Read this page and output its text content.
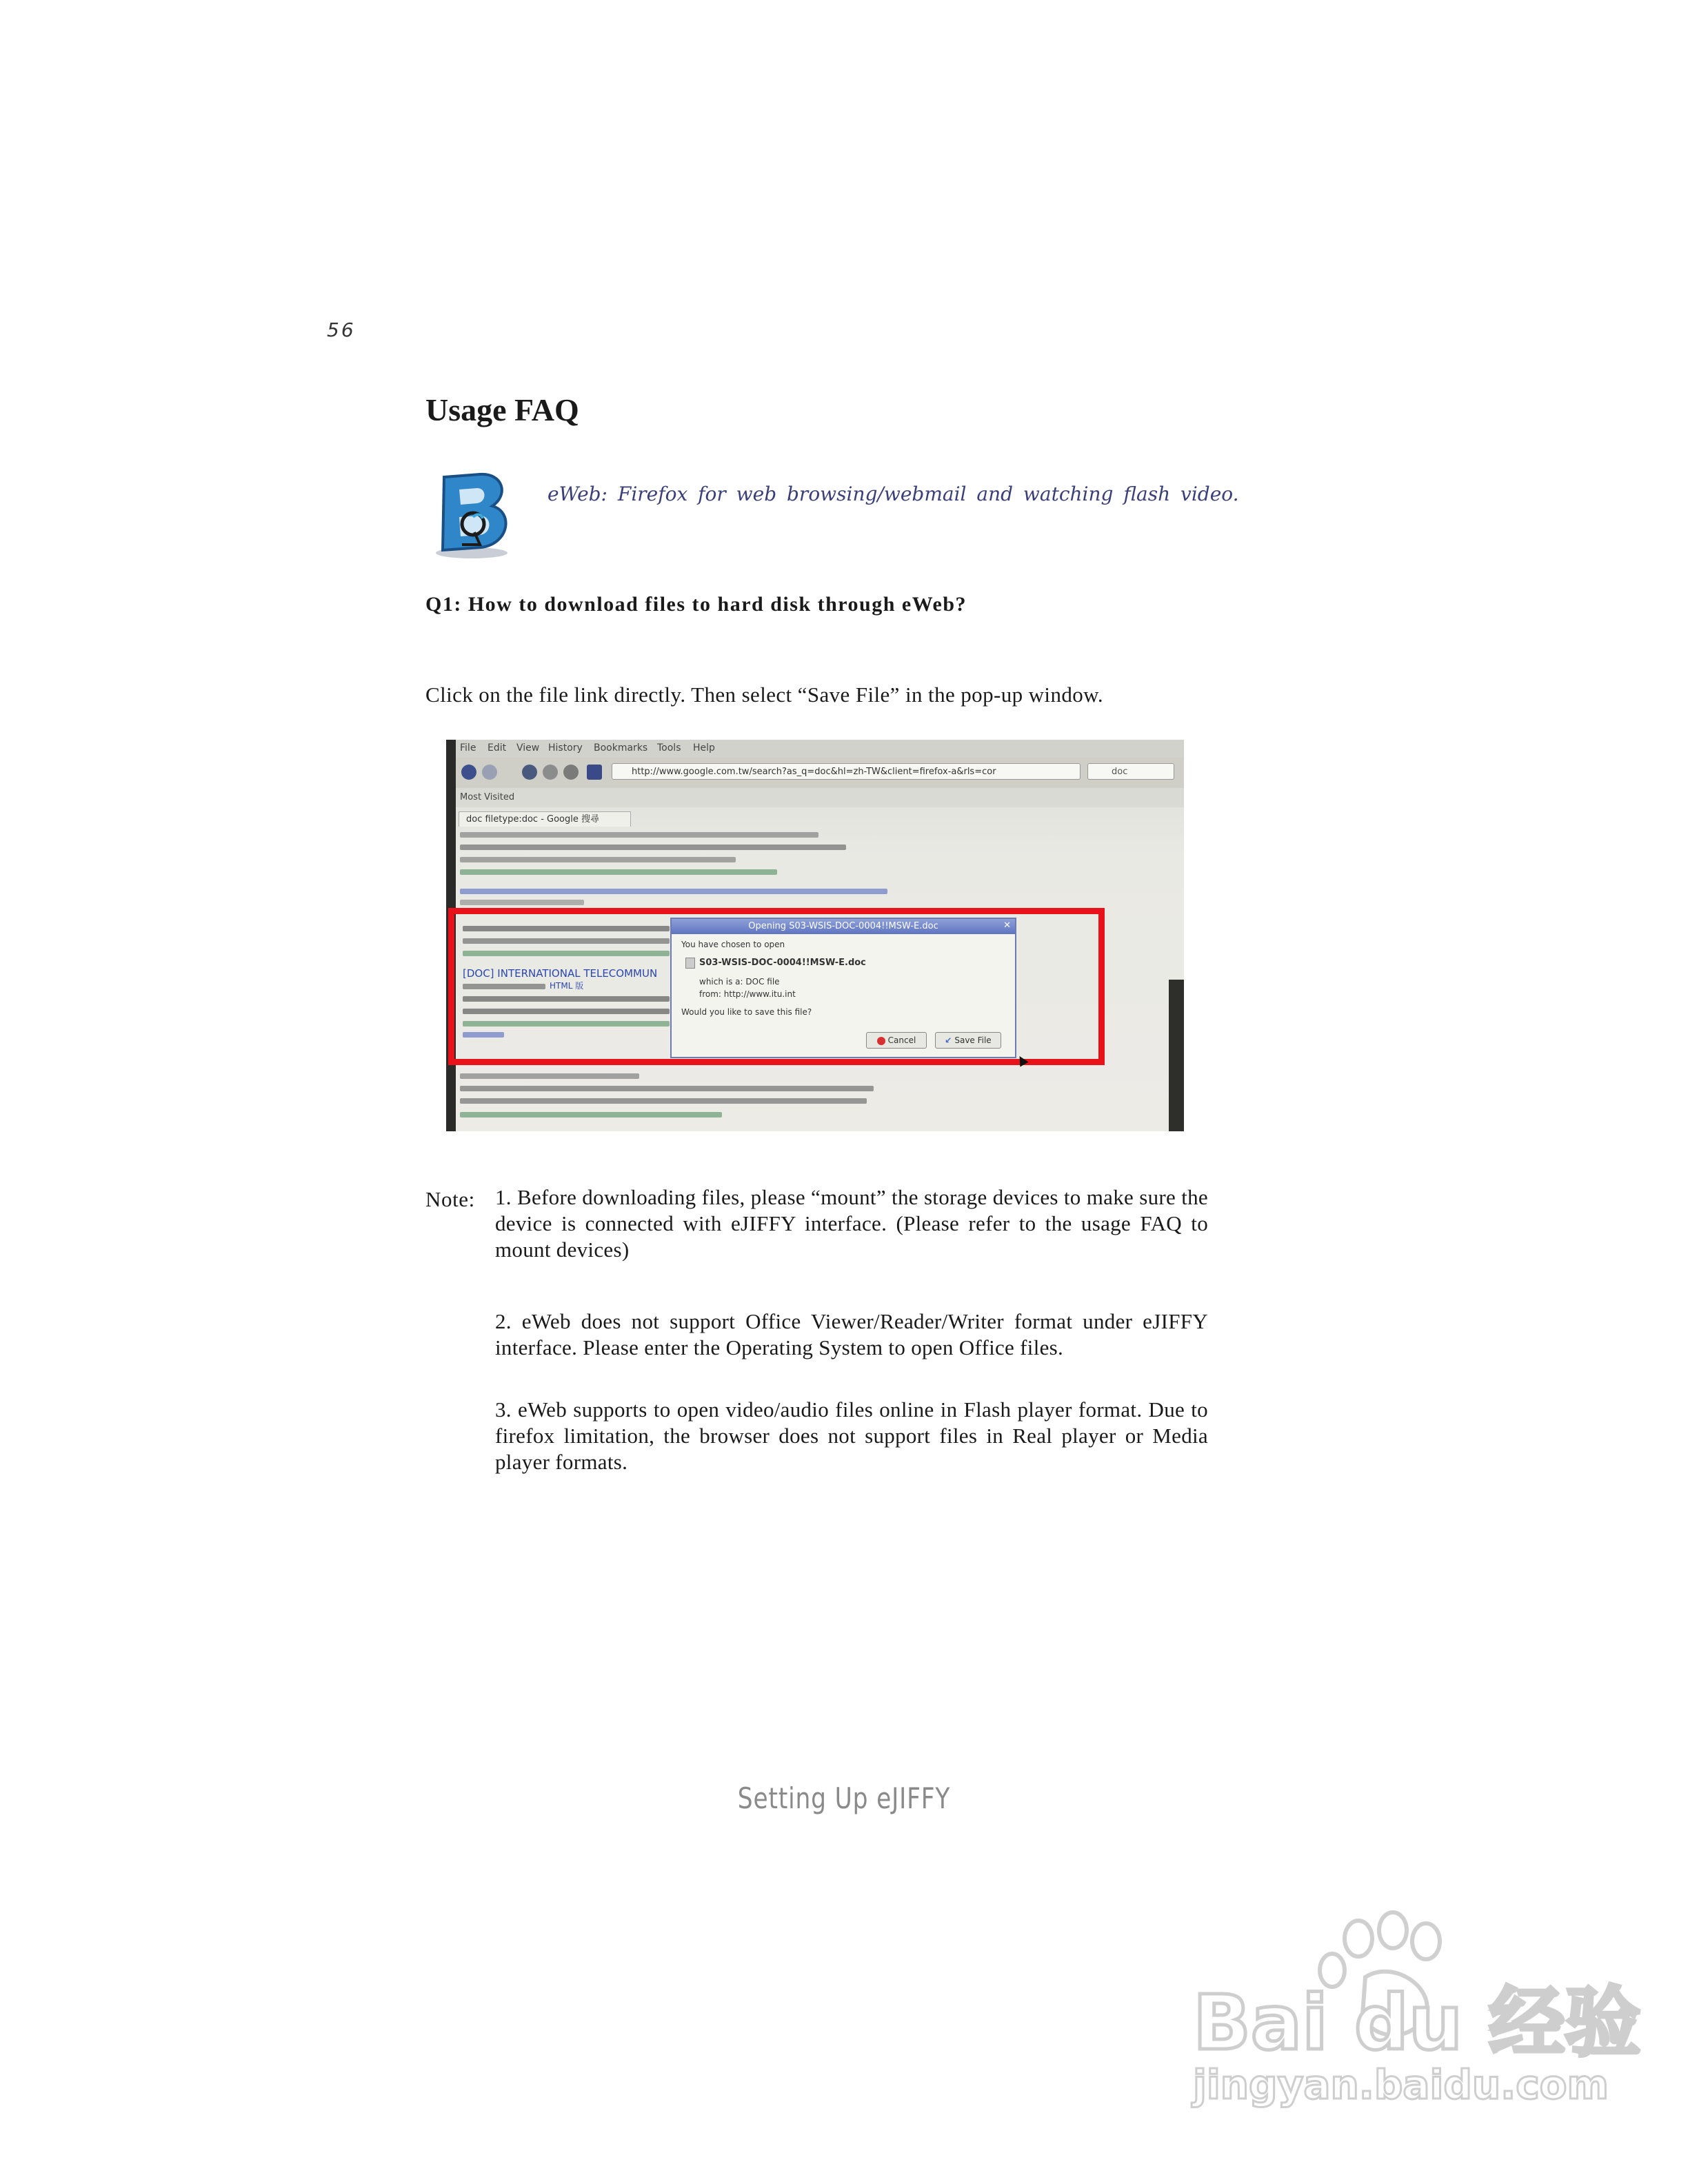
56
Usage FAQ
eWeb: Firefox for web browsing/webmail and watching flash video.
Q1: How to download files to hard disk through eWeb?
Click on the file link directly. Then select “Save File” in the pop-up window.
File Edit View History Bookmarks Tools Help
http://www.google.com.tw/search?as_q=doc&hl=zh-TW&client=firefox-a&rls=cor	doc
Most Visited
doc filetype:doc - Google 搜尋
[DOC] INTERNATIONAL TELECOMMUN
HTML 版
Opening S03-WSIS-DOC-0004!!MSW-E.doc	✕
You have chosen to open
S03-WSIS-DOC-0004!!MSW-E.doc
which is a: DOC file
from: http://www.itu.int
Would you like to save this file?
Cancel	↙ Save File
Note: 1. Before downloading files, please “mount” the storage devices to make sure the device is connected with eJIFFY interface. (Please refer to the usage FAQ to mount devices)
2. eWeb does not support Office Viewer/Reader/Writer format under eJIFFY interface. Please enter the Operating System to open Office files.
3. eWeb supports to open video/audio files online in Flash player format. Due to firefox limitation, the browser does not support files in Real player or Media player formats.
Setting Up eJIFFY
Bai du 经验
jingyan.baidu.com
